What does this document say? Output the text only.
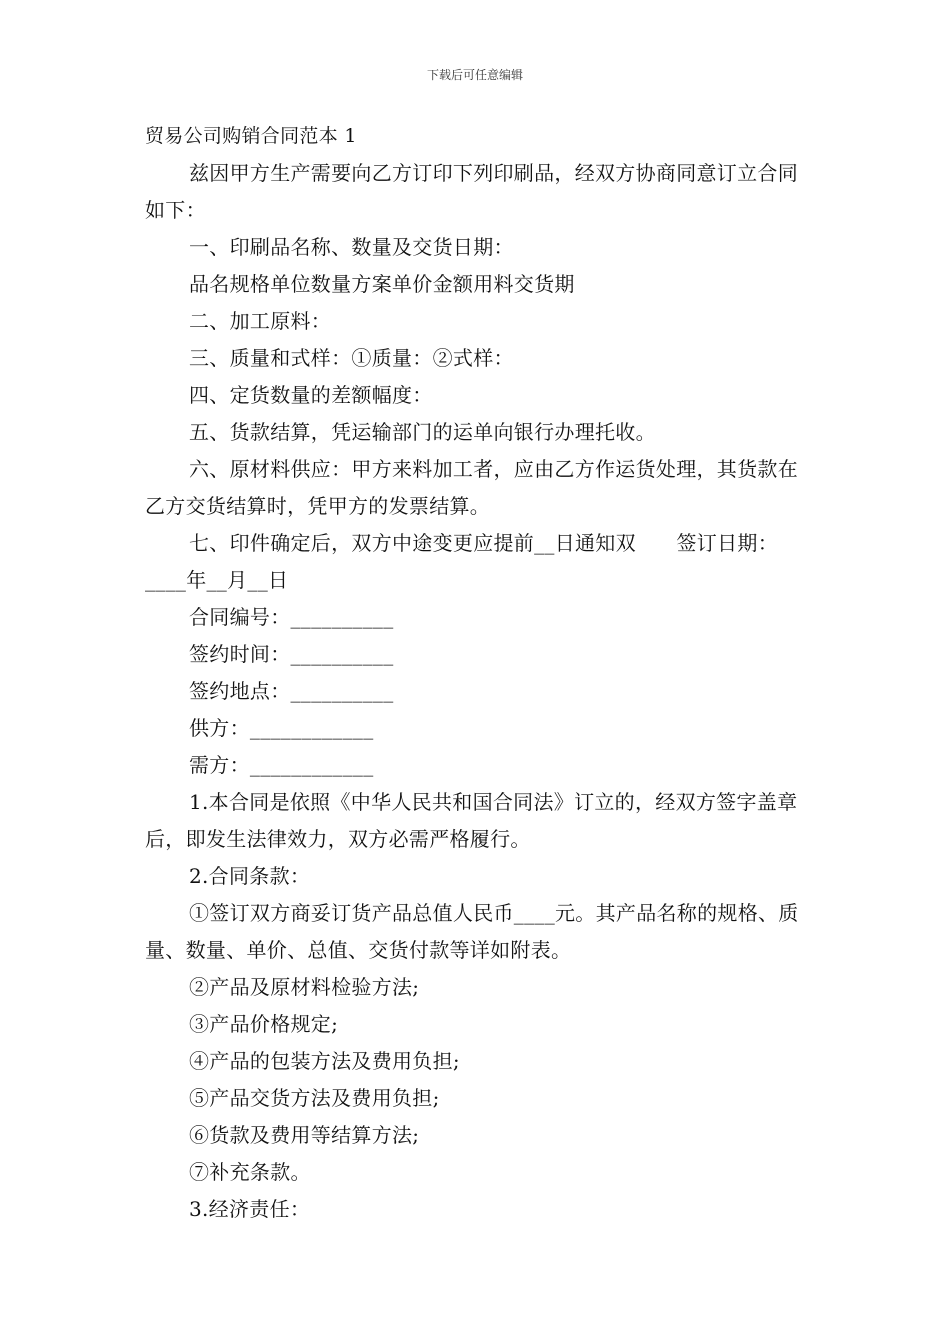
下载后可任意编辑

贸易公司购销合同范本 1

兹因甲方生产需要向乙方订印下列印刷品，经双方协商同意订立合同如下：

一、印刷品名称、数量及交货日期：

品名规格单位数量方案单价金额用料交货期

二、加工原料：

三、质量和式样：①质量：②式样：

四、定货数量的差额幅度：

五、货款结算，凭运输部门的运单向银行办理托收。

六、原材料供应：甲方来料加工者，应由乙方作运货处理，其货款在乙方交货结算时，凭甲方的发票结算。

七、印件确定后，双方中途变更应提前__日通知双　　签订日期：____年__月__日

合同编号：__________

签约时间：__________

签约地点：__________

供方：____________

需方：____________

1.本合同是依照《中华人民共和国合同法》订立的，经双方签字盖章后，即发生法律效力，双方必需严格履行。

2.合同条款：

①签订双方商妥订货产品总值人民币____元。其产品名称的规格、质量、数量、单价、总值、交货付款等详如附表。

②产品及原材料检验方法;

③产品价格规定;

④产品的包装方法及费用负担;

⑤产品交货方法及费用负担;

⑥货款及费用等结算方法;

⑦补充条款。

3.经济责任：
